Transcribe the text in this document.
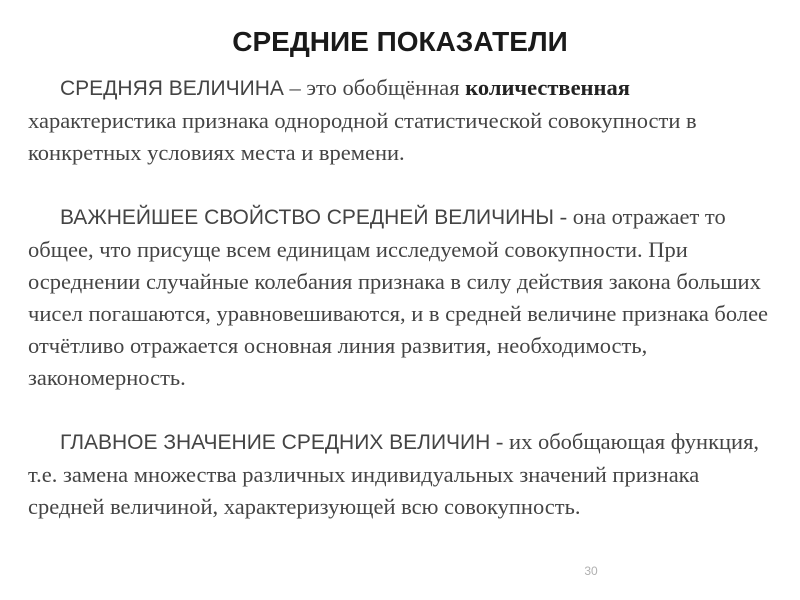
СРЕДНИЕ ПОКАЗАТЕЛИ

СРЕДНЯЯ ВЕЛИЧИНА – это обобщённая количественная характеристика признака однородной статистической совокупности в конкретных условиях места и времени.

ВАЖНЕЙШЕЕ СВОЙСТВО СРЕДНЕЙ ВЕЛИЧИНЫ - она отражает то общее, что присуще всем единицам исследуемой совокупности. При осреднении случайные колебания признака в силу действия закона больших чисел погашаются, уравновешиваются, и в средней величине признака более отчётливо отражается основная линия развития, необходимость, закономерность.

ГЛАВНОЕ ЗНАЧЕНИЕ СРЕДНИХ ВЕЛИЧИН - их обобщающая функция, т.е. замена множества различных индивидуальных значений признака средней величиной, характеризующей всю совокупность.

30
